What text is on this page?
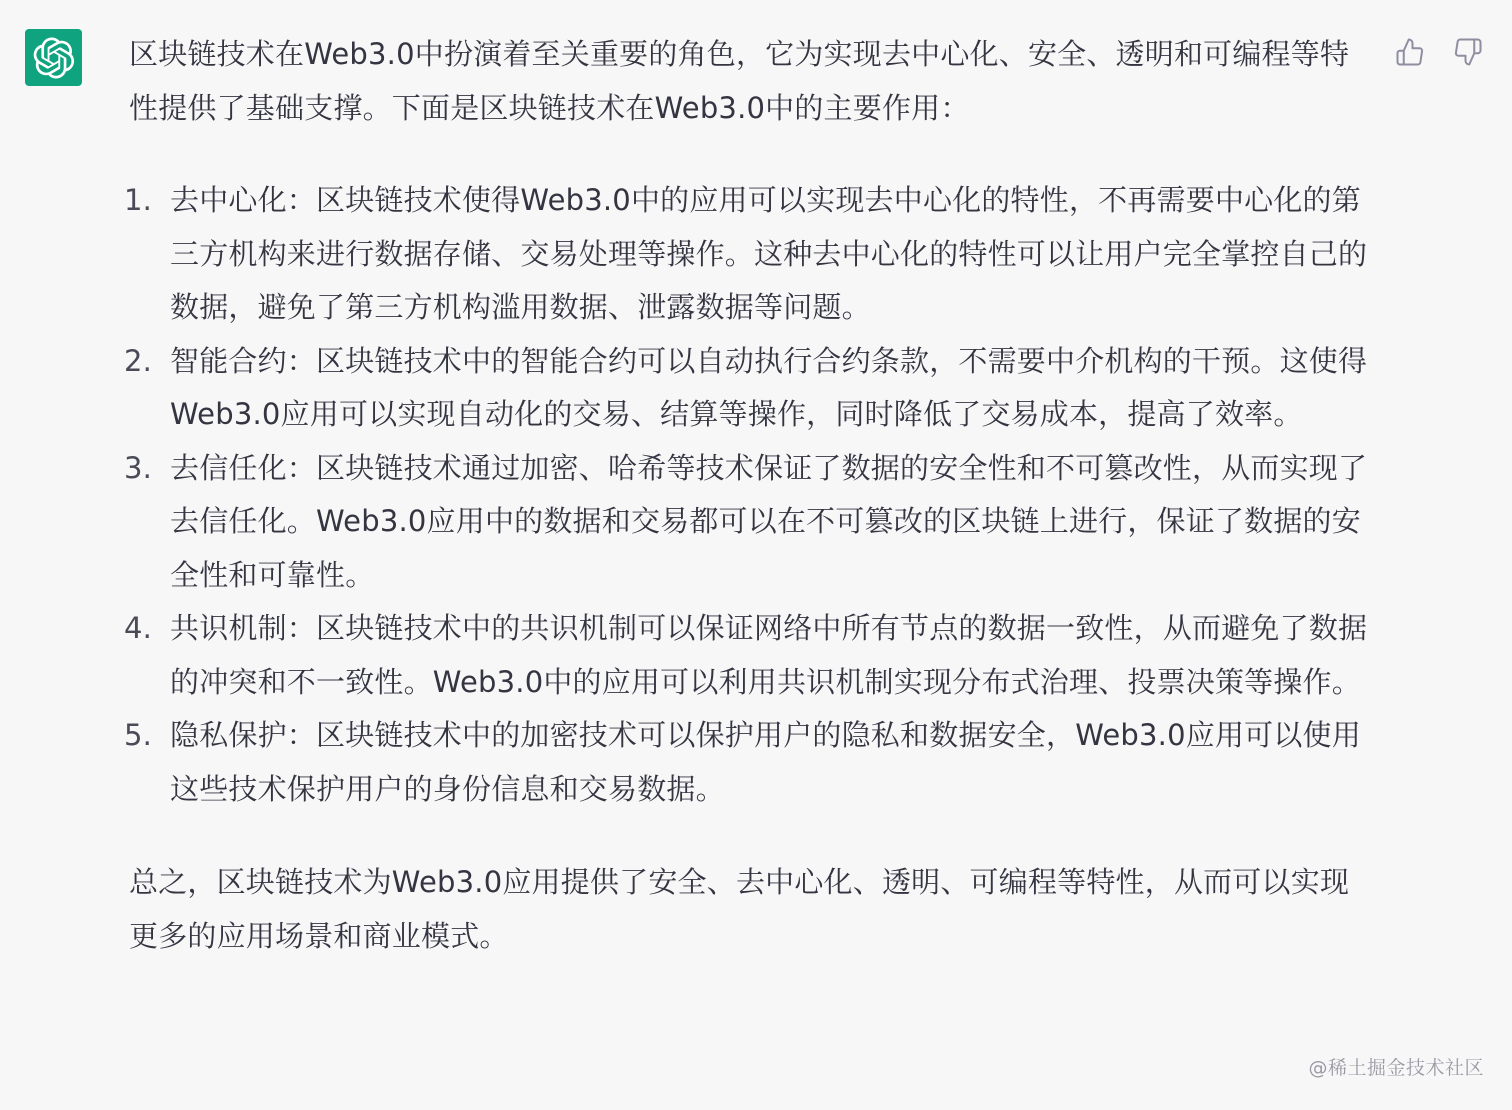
区块链技术在Web3.0中扮演着至关重要的角色，它为实现去中心化、安全、透明和可编程等特性提供了基础支撑。下面是区块链技术在Web3.0中的主要作用：

1. 去中心化：区块链技术使得Web3.0中的应用可以实现去中心化的特性，不再需要中心化的第三方机构来进行数据存储、交易处理等操作。这种去中心化的特性可以让用户完全掌控自己的数据，避免了第三方机构滥用数据、泄露数据等问题。
2. 智能合约：区块链技术中的智能合约可以自动执行合约条款，不需要中介机构的干预。这使得Web3.0应用可以实现自动化的交易、结算等操作，同时降低了交易成本，提高了效率。
3. 去信任化：区块链技术通过加密、哈希等技术保证了数据的安全性和不可篡改性，从而实现了去信任化。Web3.0应用中的数据和交易都可以在不可篡改的区块链上进行，保证了数据的安全性和可靠性。
4. 共识机制：区块链技术中的共识机制可以保证网络中所有节点的数据一致性，从而避免了数据的冲突和不一致性。Web3.0中的应用可以利用共识机制实现分布式治理、投票决策等操作。
5. 隐私保护：区块链技术中的加密技术可以保护用户的隐私和数据安全，Web3.0应用可以使用这些技术保护用户的身份信息和交易数据。

总之，区块链技术为Web3.0应用提供了安全、去中心化、透明、可编程等特性，从而可以实现更多的应用场景和商业模式。

@稀土掘金技术社区
